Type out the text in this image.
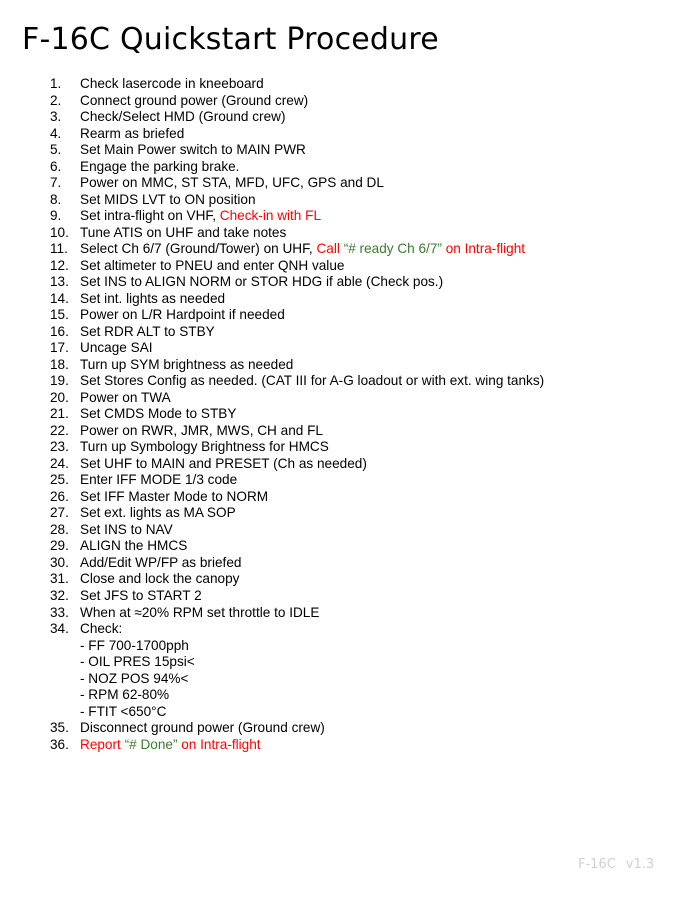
F-16C Quickstart Procedure
1. Check lasercode in kneeboard
2. Connect ground power (Ground crew)
3. Check/Select HMD (Ground crew)
4. Rearm as briefed
5. Set Main Power switch to MAIN PWR
6. Engage the parking brake.
7. Power on MMC, ST STA, MFD, UFC, GPS and DL
8. Set MIDS LVT to ON position
9. Set intra-flight on VHF, Check-in with FL
10. Tune ATIS on UHF and take notes
11. Select Ch 6/7 (Ground/Tower) on UHF, Call “# ready Ch 6/7” on Intra-flight
12. Set altimeter to PNEU and enter QNH value
13. Set INS to ALIGN NORM or STOR HDG if able (Check pos.)
14. Set int. lights as needed
15. Power on L/R Hardpoint if needed
16. Set RDR ALT to STBY
17. Uncage SAI
18. Turn up SYM brightness as needed
19. Set Stores Config as needed. (CAT III for A-G loadout or with ext. wing tanks)
20. Power on TWA
21. Set CMDS Mode to STBY
22. Power on RWR, JMR, MWS, CH and FL
23. Turn up Symbology Brightness for HMCS
24. Set UHF to MAIN and PRESET (Ch as needed)
25. Enter IFF MODE 1/3 code
26. Set IFF Master Mode to NORM
27. Set ext. lights as MA SOP
28. Set INS to NAV
29. ALIGN the HMCS
30. Add/Edit WP/FP as briefed
31. Close and lock the canopy
32. Set JFS to START 2
33. When at ≈20% RPM set throttle to IDLE
34. Check:
- FF 700-1700pph
- OIL PRES 15psi<
- NOZ POS 94%<
- RPM 62-80%
- FTIT <650°C
35. Disconnect ground power (Ground crew)
36. Report “# Done” on Intra-flight
F-16C v1.3
